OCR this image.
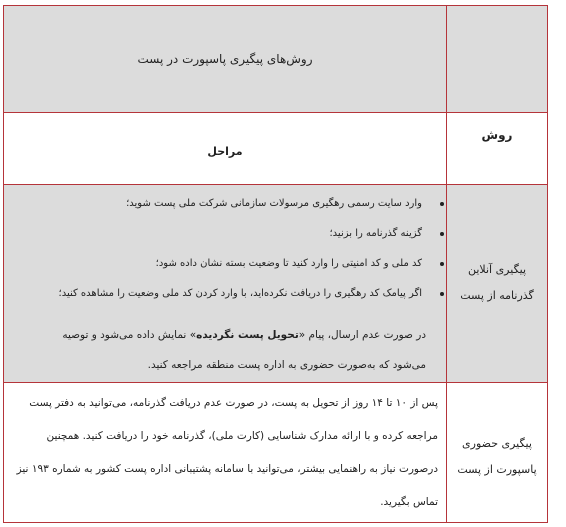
روش‌های پیگیری پاسپورت در پست
مراحل
روش
وارد سایت رسمی رهگیری مرسولات سازمانی شرکت ملی پست شوید؛
گزینه گذرنامه را بزنید؛
کد ملی و کد امنیتی را وارد کنید تا وضعیت بسته نشان داده شود؛
اگر پیامک کد رهگیری را دریافت نکرده‌اید، با وارد کردن کد ملی وضعیت را مشاهده کنید؛
در صورت عدم ارسال، پیام «تحویل پست نگردیده» نمایش داده می‌شود و توصیه می‌شود که به‌صورت حضوری به اداره پست منطقه مراجعه کنید.
پیگیری آنلاین
گذرنامه از پست
پس از ۱۰ تا ۱۴ روز از تحویل به پست، در صورت عدم دریافت گذرنامه، می‌توانید به دفتر پست مراجعه کرده و با ارائه مدارک شناسایی (کارت ملی)، گذرنامه خود را دریافت کنید. همچنین درصورت نیاز به راهنمایی بیشتر، می‌توانید با سامانه پشتیبانی اداره پست کشور به شماره ۱۹۳ نیز تماس بگیرید.
پیگیری حضوری
پاسپورت از پست
